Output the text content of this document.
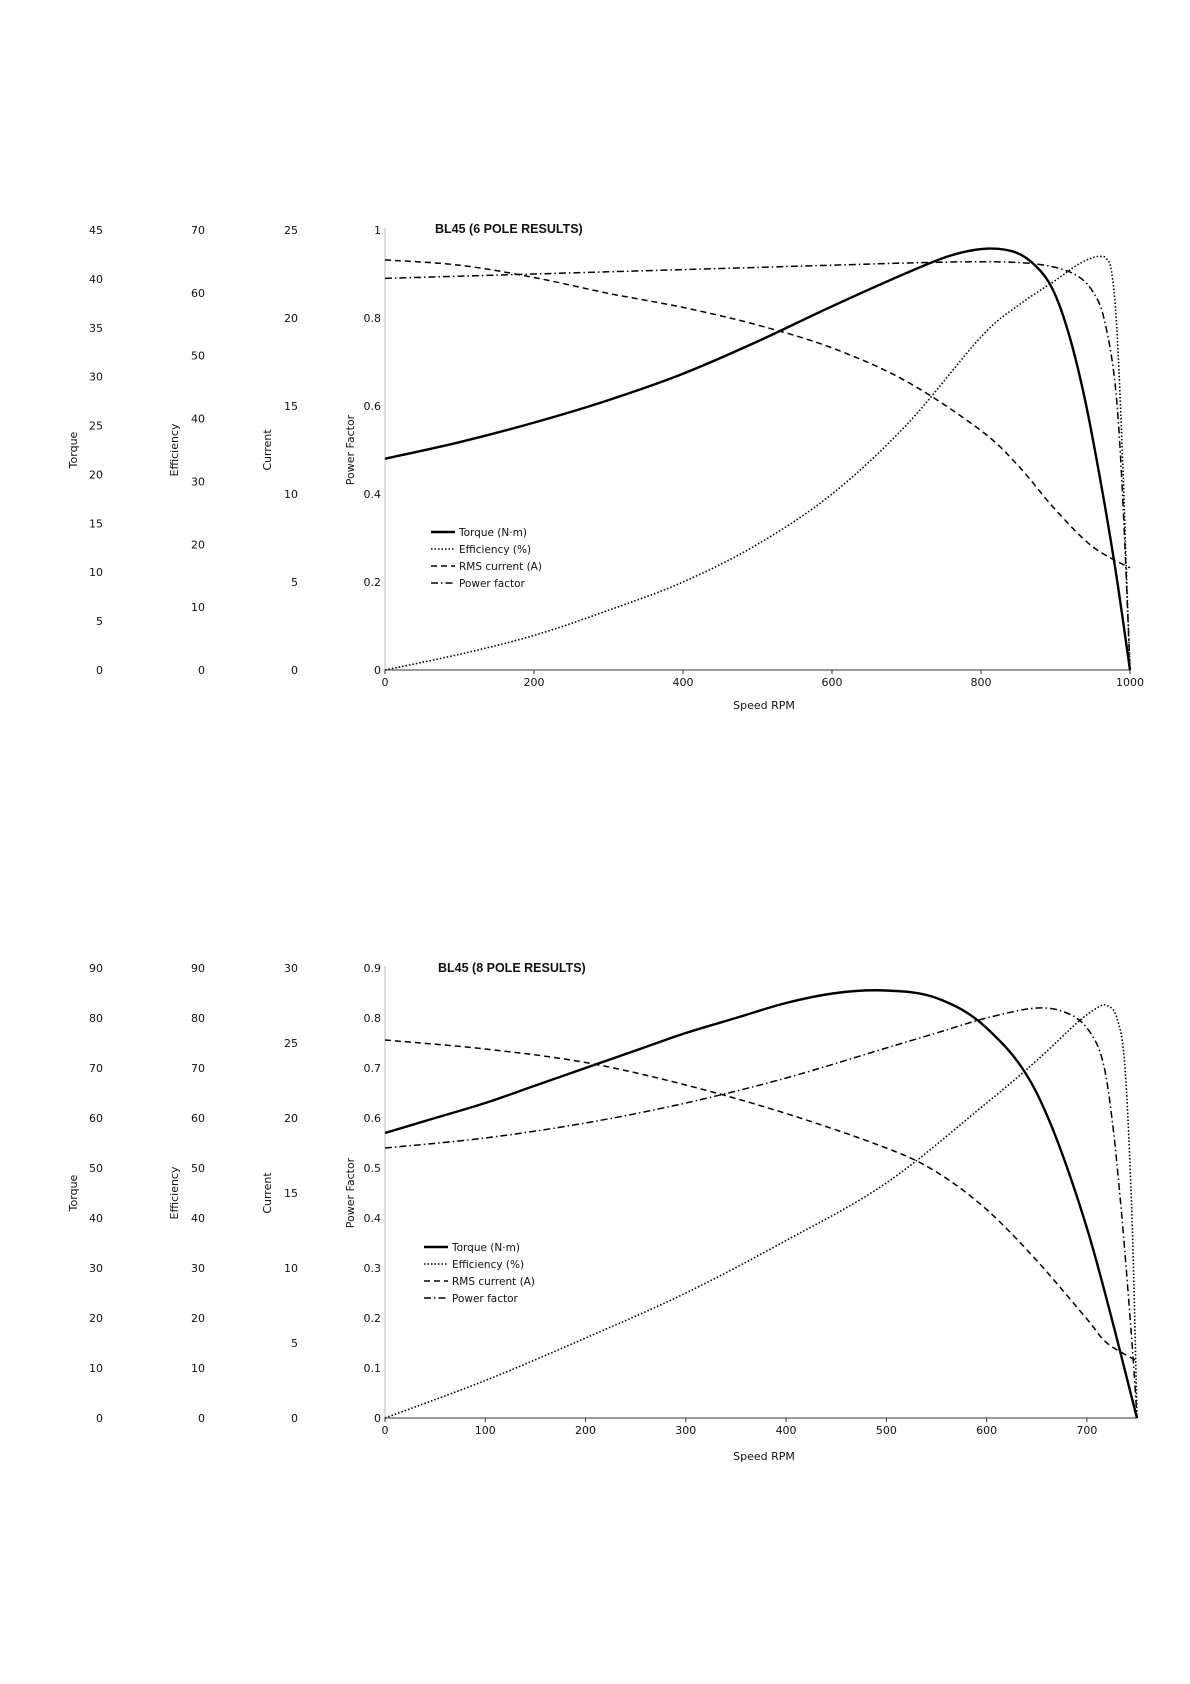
BL45 (6 POLE RESULTS)
Speed RPM
Torque (N·m)
Efficiency (%)
RMS current (A)
Power factor
0	200	400	600	800	1000
0
5
10
15
20
25
30
35
40
45
Torque
0
10
20
30
40
50
60
70
Efficiency
0
5
10
15
20
25
Current
0
0.2
0.4
0.6
0.8
1
Power Factor
BL45 (8 POLE RESULTS)
Speed RPM
Torque (N·m)
Efficiency (%)
RMS current (A)
Power factor
0	100	200	300	400	500	600	700
0
10
20
30
40
50
60
70
80
90
Torque
0
10
20
30
40
50
60
70
80
90
Efficiency
0
5
10
15
20
25
30
Current
0
0.1
0.2
0.3
0.4
0.5
0.6
0.7
0.8
0.9
Power Factor
